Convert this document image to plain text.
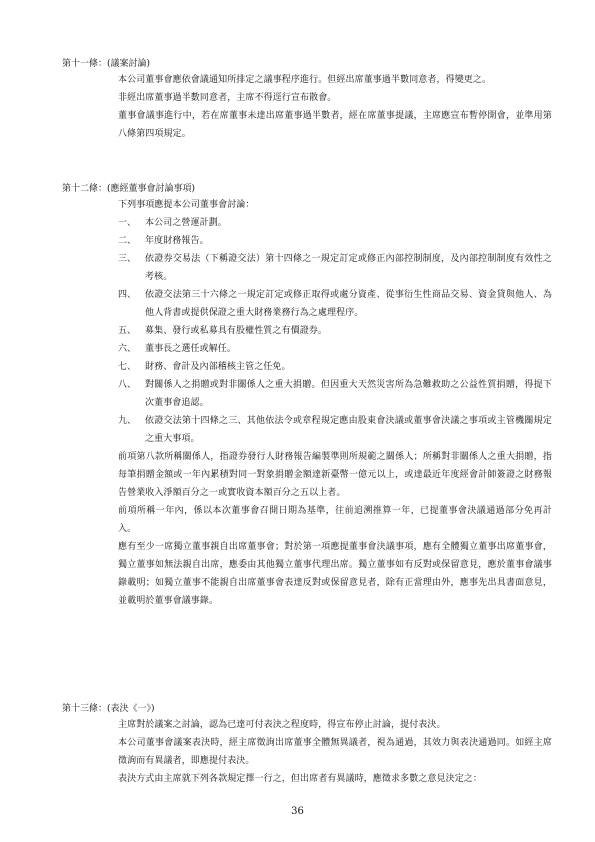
第十一條：(議案討論)

本公司董事會應依會議通知所排定之議事程序進行。但經出席董事過半數同意者，得變更之。

非經出席董事過半數同意者，主席不得逕行宣布散會。

董事會議事進行中，若在席董事未達出席董事過半數者，經在席董事提議，主席應宣布暫停開會，並準用第八條第四項規定。

第十二條：(應經董事會討論事項)

下列事項應提本公司董事會討論：

一、 本公司之營運計劃。
二、 年度財務報告。
三、 依證券交易法（下稱證交法）第十四條之一規定訂定或修正內部控制制度，及內部控制制度有效性之考核。
四、 依證交法第三十六條之一規定訂定或修正取得或處分資產、從事衍生性商品交易、資金貸與他人、為他人背書或提供保證之重大財務業務行為之處理程序。
五、 募集、發行或私募具有股權性質之有價證券。
六、 董事長之選任或解任。
七、 財務、會計及內部稽核主管之任免。
八、 對關係人之捐贈或對非關係人之重大捐贈。但因重大天然災害所為急難救助之公益性質捐贈，得提下次董事會追認。
九、 依證交法第十四條之三、其他依法令或章程規定應由股東會決議或董事會決議之事項或主管機關規定之重大事項。

前項第八款所稱關係人，指證券發行人財務報告編製準則所規範之關係人；所稱對非關係人之重大捐贈，指每筆捐贈金額或一年內累積對同一對象捐贈金額達新臺幣一億元以上，或達最近年度經會計師簽證之財務報告營業收入淨額百分之一或實收資本額百分之五以上者。

前項所稱一年內，係以本次董事會召開日期為基準，往前追溯推算一年，已提董事會決議通過部分免再計入。

應有至少一席獨立董事親自出席董事會；對於第一項應提董事會決議事項，應有全體獨立董事出席董事會，獨立董事如無法親自出席，應委由其他獨立董事代理出席。獨立董事如有反對或保留意見，應於董事會議事錄載明；如獨立董事不能親自出席董事會表達反對或保留意見者，除有正當理由外，應事先出具書面意見，並載明於董事會議事錄。

第十三條：(表決《一》)

主席對於議案之討論，認為已達可付表決之程度時，得宣布停止討論，提付表決。

本公司董事會議案表決時，經主席徵詢出席董事全體無異議者，視為通過，其效力與表決通過同。如經主席徵詢而有異議者，即應提付表決。

表決方式由主席就下列各款規定擇一行之，但出席者有異議時，應徵求多數之意見決定之：

36
